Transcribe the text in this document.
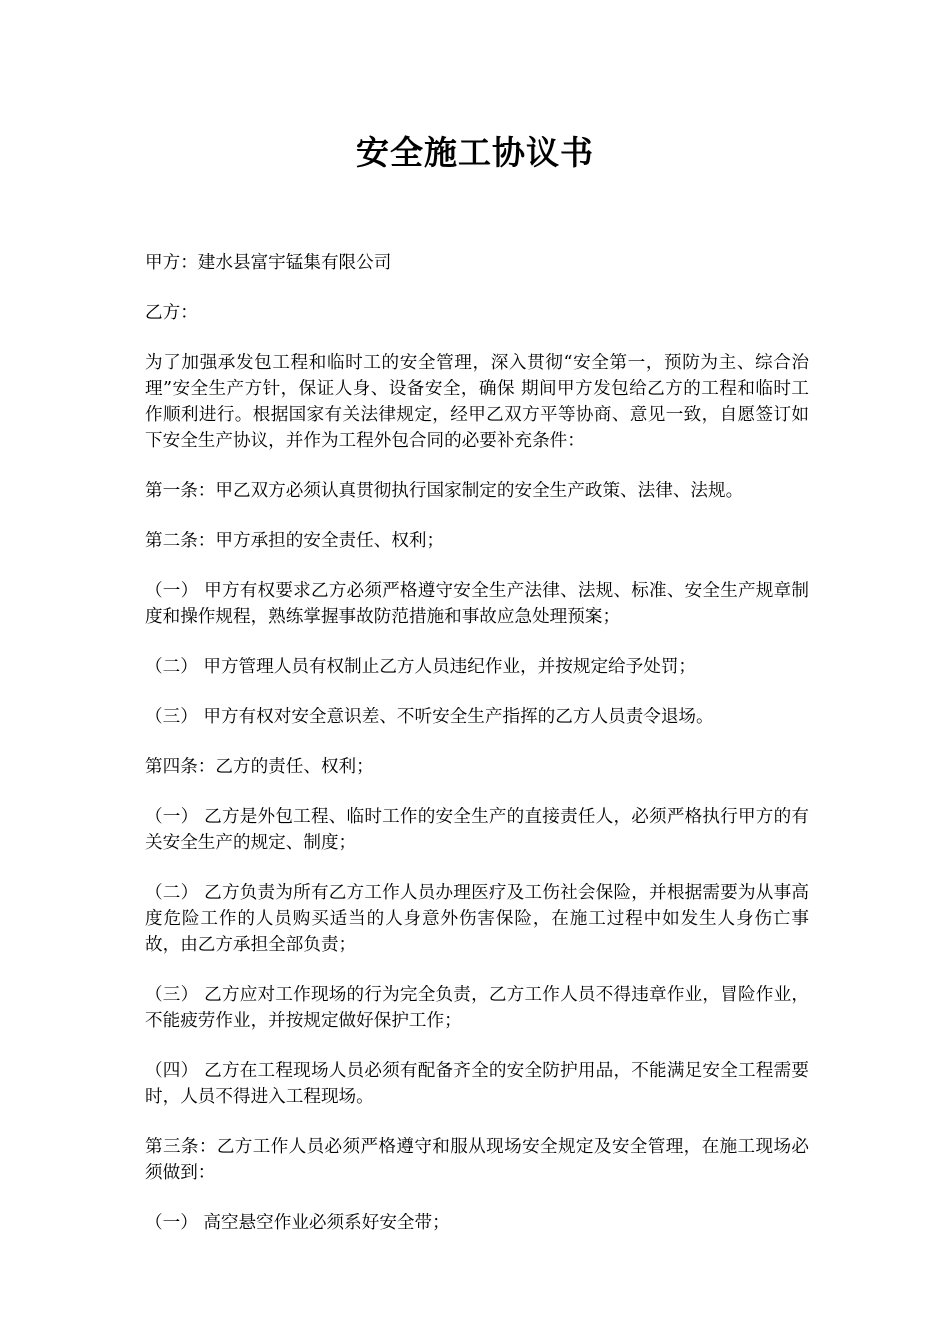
安全施工协议书

甲方：建水县富宇锰集有限公司

乙方：

为了加强承发包工程和临时工的安全管理，深入贯彻“安全第一，预防为主、综合治理”安全生产方针，保证人身、设备安全，确保 期间甲方发包给乙方的工程和临时工作顺利进行。根据国家有关法律规定，经甲乙双方平等协商、意见一致，自愿签订如下安全生产协议，并作为工程外包合同的必要补充条件：

第一条：甲乙双方必须认真贯彻执行国家制定的安全生产政策、法律、法规。

第二条：甲方承担的安全责任、权利；

（一） 甲方有权要求乙方必须严格遵守安全生产法律、法规、标准、安全生产规章制度和操作规程，熟练掌握事故防范措施和事故应急处理预案；

（二） 甲方管理人员有权制止乙方人员违纪作业，并按规定给予处罚；

（三） 甲方有权对安全意识差、不听安全生产指挥的乙方人员责令退场。

第四条：乙方的责任、权利；

（一） 乙方是外包工程、临时工作的安全生产的直接责任人，必须严格执行甲方的有关安全生产的规定、制度；

（二） 乙方负责为所有乙方工作人员办理医疗及工伤社会保险，并根据需要为从事高度危险工作的人员购买适当的人身意外伤害保险，在施工过程中如发生人身伤亡事故，由乙方承担全部负责；

（三） 乙方应对工作现场的行为完全负责，乙方工作人员不得违章作业，冒险作业，不能疲劳作业，并按规定做好保护工作；

（四） 乙方在工程现场人员必须有配备齐全的安全防护用品，不能满足安全工程需要时，人员不得进入工程现场。

第三条：乙方工作人员必须严格遵守和服从现场安全规定及安全管理，在施工现场必须做到：

（一） 高空悬空作业必须系好安全带；
